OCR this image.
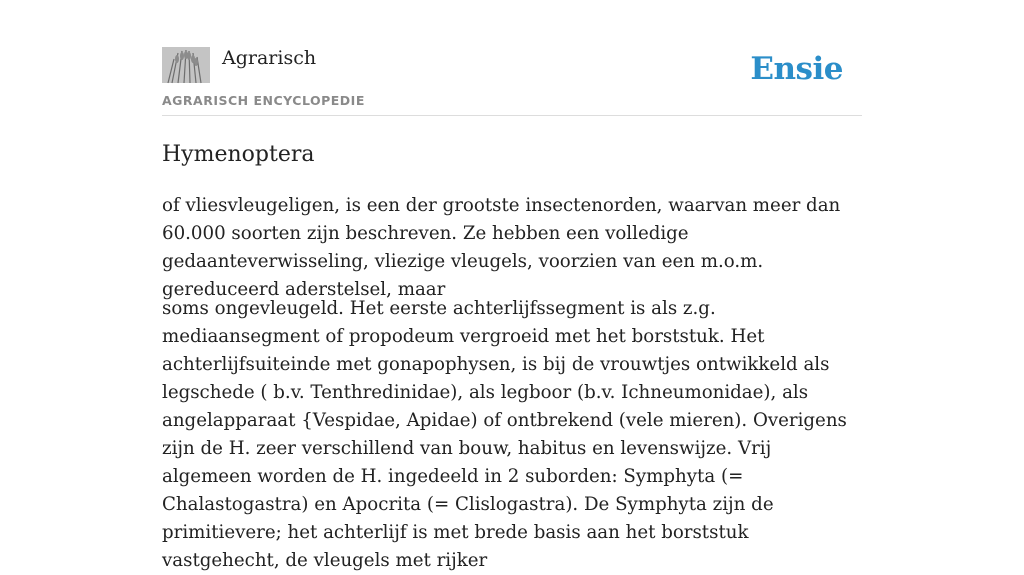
Agrarisch
AGRARISCH ENCYCLOPEDIE
Ensie
Hymenoptera

of vliesvleugeligen, is een der grootste insectenorden, waarvan meer dan 60.000 soorten zijn beschreven. Ze hebben een volledige gedaanteverwisseling, vliezige vleugels, voorzien van een m.o.m. gereduceerd aderstelsel, maar

soms ongevleugeld. Het eerste achterlijfssegment is als z.g. mediaansegment of propodeum vergroeid met het borststuk. Het achterlijfsuiteinde met gonapophysen, is bij de vrouwtjes ontwikkeld als legschede ( b.v. Tenthredinidae), als legboor (b.v. Ichneumonidae), als angelapparaat {Vespidae, Apidae) of ontbrekend (vele mieren). Overigens zijn de H. zeer verschillend van bouw, habitus en levenswijze. Vrij algemeen worden de H. ingedeeld in 2 suborden: Symphyta (= Chalastogastra) en Apocrita (= Clislogastra). De Symphyta zijn de primitievere; het achterlijf is met brede basis aan het borststuk vastgehecht, de vleugels met rijker
